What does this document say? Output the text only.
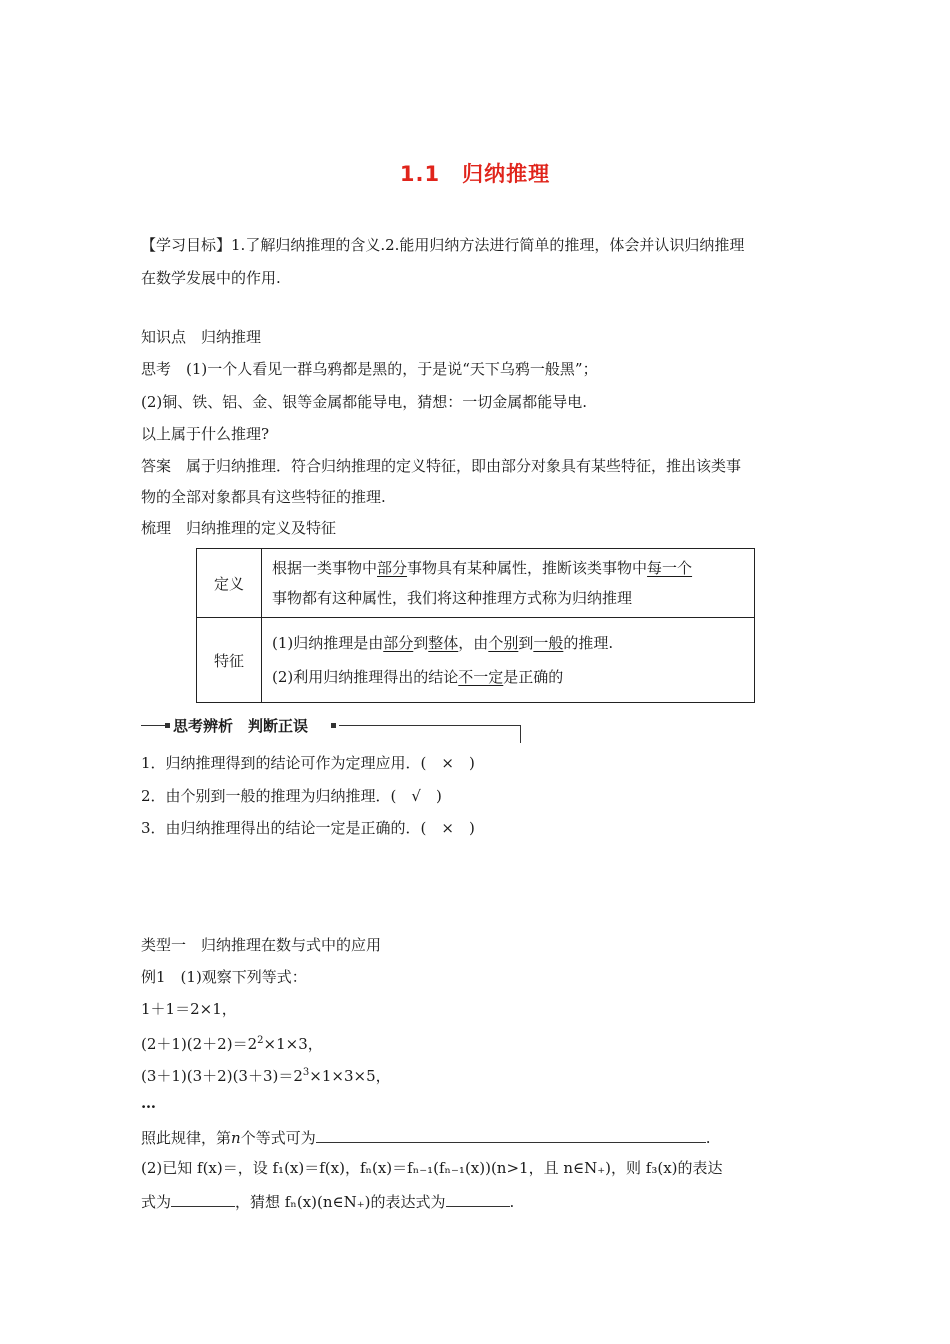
1.1 归纳推理
【学习目标】1.了解归纳推理的含义.2.能用归纳方法进行简单的推理，体会并认识归纳推理
在数学发展中的作用.
知识点　归纳推理
思考　(1)一个人看见一群乌鸦都是黑的，于是说“天下乌鸦一般黑”；
(2)铜、铁、铝、金、银等金属都能导电，猜想：一切金属都能导电.
以上属于什么推理?
答案　属于归纳推理．符合归纳推理的定义特征，即由部分对象具有某些特征，推出该类事
物的全部对象都具有这些特征的推理.
梳理　归纳推理的定义及特征
定义	根据一类事物中部分事物具有某种属性，推断该类事物中每一个
事物都有这种属性，我们将这种推理方式称为归纳推理
特征	(1)归纳推理是由部分到整体，由个别到一般的推理.
(2)利用归纳推理得出的结论不一定是正确的
思考辨析　判断正误
1．归纳推理得到的结论可作为定理应用．(　×　)
2．由个别到一般的推理为归纳推理．(　√　)
3．由归纳推理得出的结论一定是正确的．(　×　)
类型一　归纳推理在数与式中的应用
例1　(1)观察下列等式：
1＋1＝2×1，
$(2+1)(2+2)=2^2\times 1\times 3$，
$(3+1)(3+2)(3+3)=2^3\times 1\times 3\times 5$，
…
照此规律，第n个等式可为	.
(2)已知 f(x)＝，设 f₁(x)＝f(x)，fₙ(x)＝fₙ₋₁(fₙ₋₁(x))(n>1，且 n∈N₊)，则 f₃(x)的表达
式为	，猜想 fₙ(x)(n∈N₊)的表达式为	.
